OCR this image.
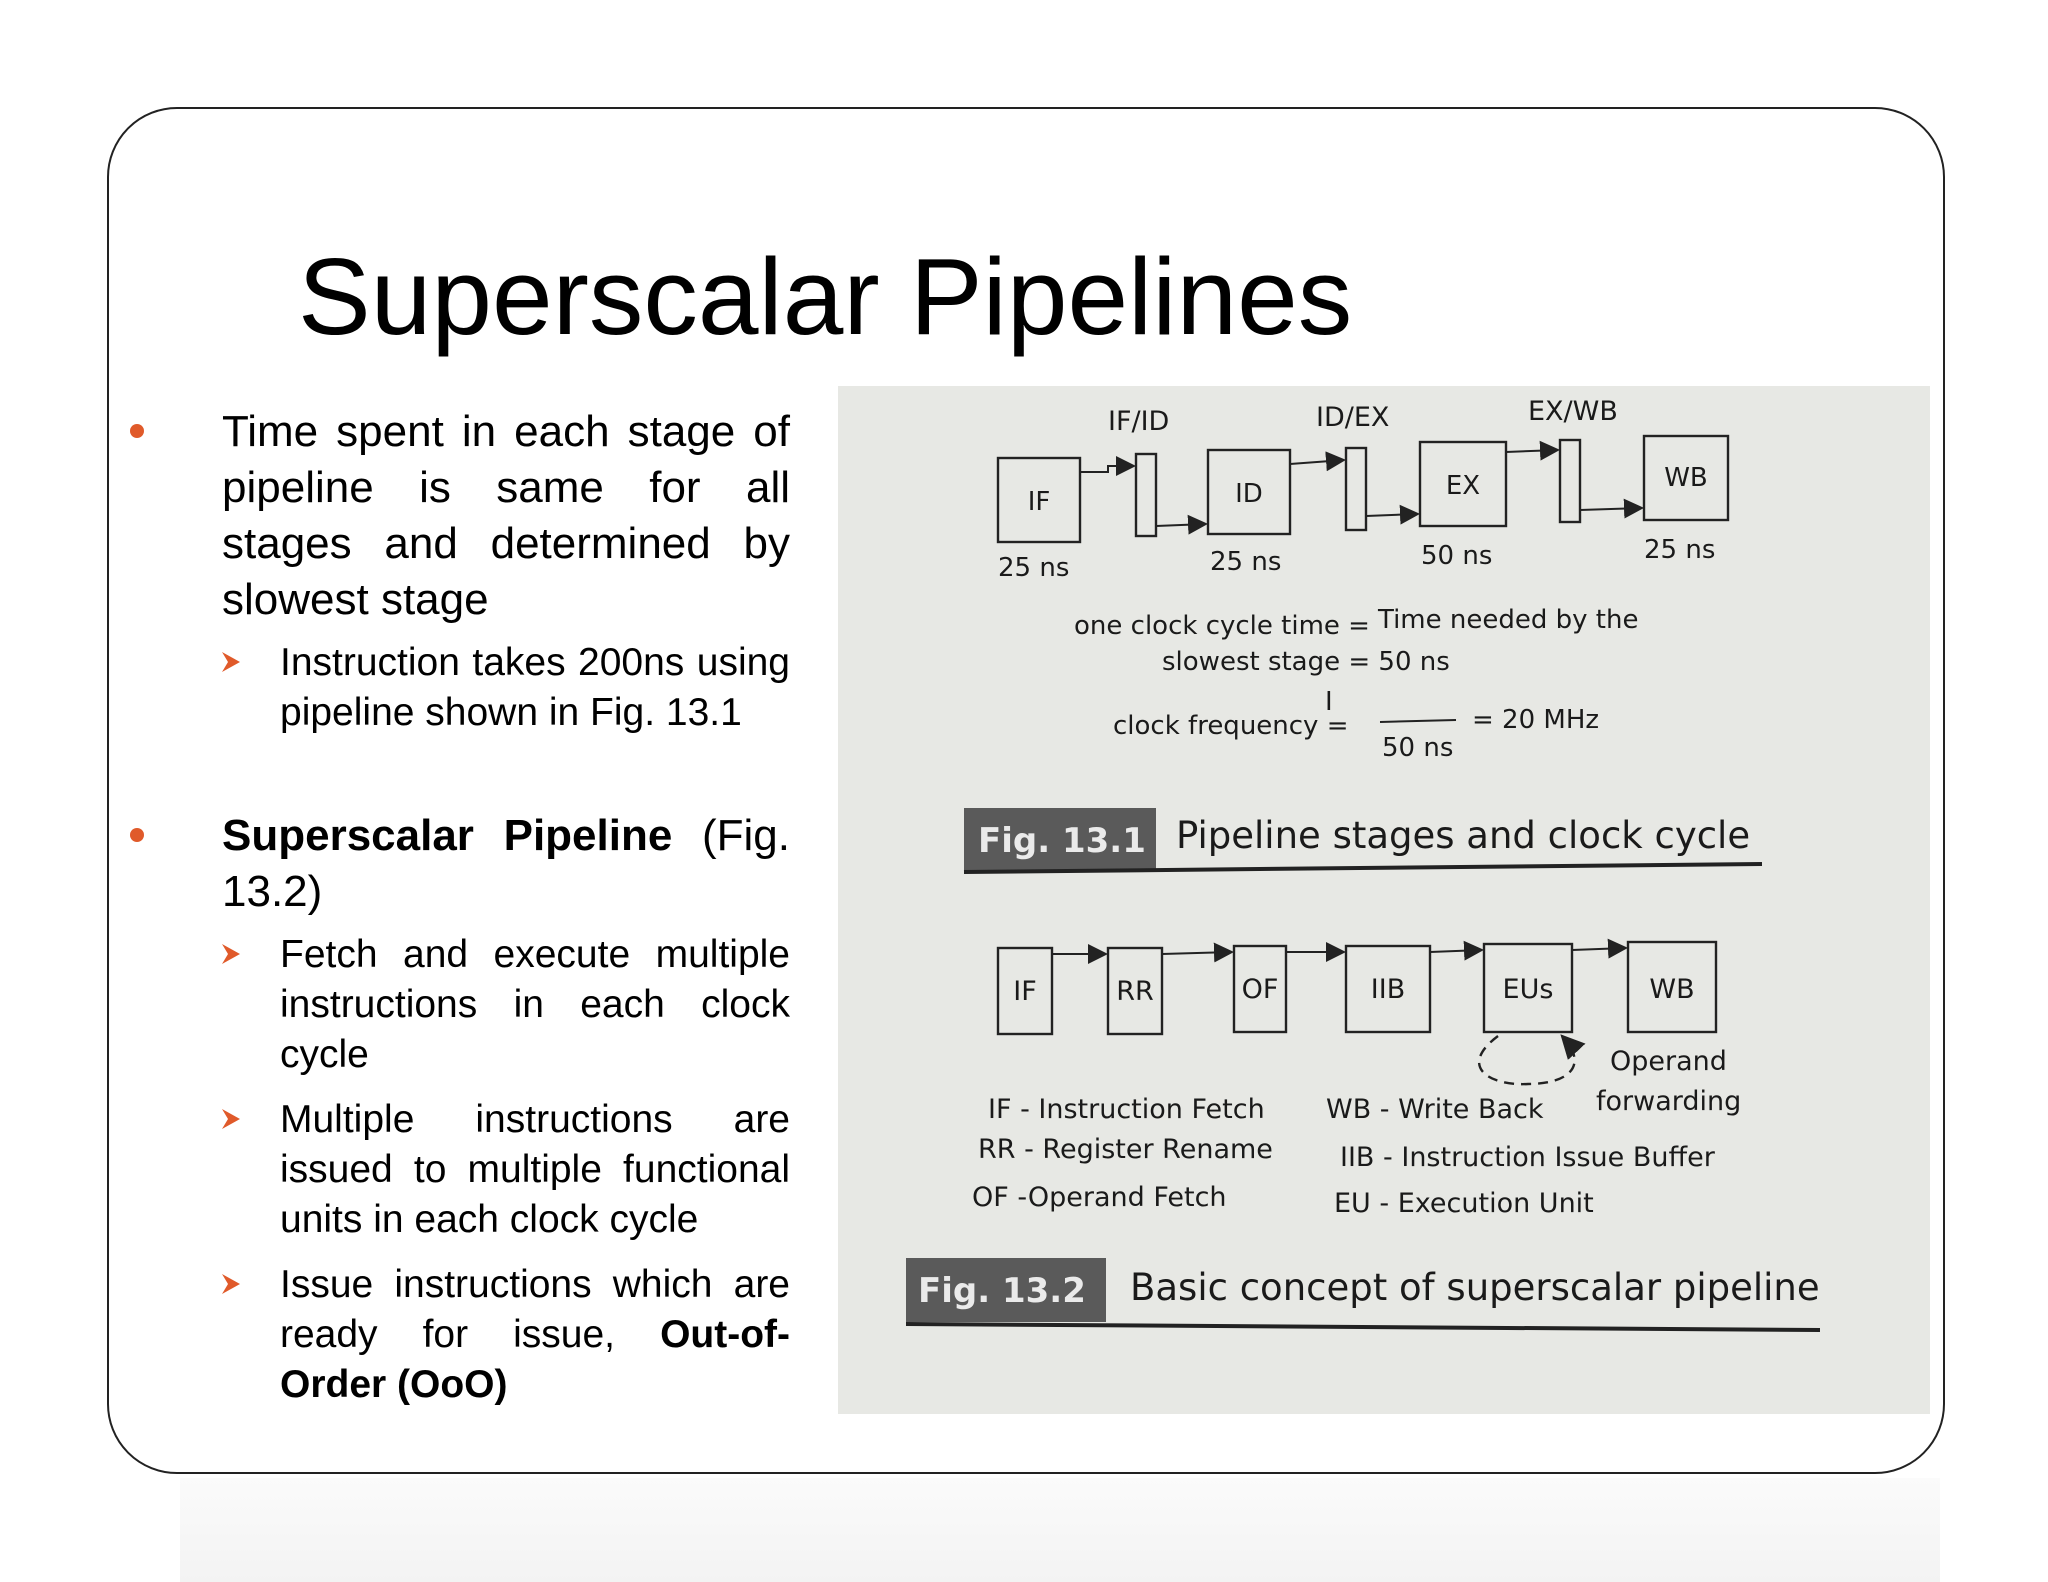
Superscalar Pipelines
Time spent in each stage of pipeline is same for all stages and determined by slowest stage
Instruction takes 200ns using pipeline shown in Fig. 13.1
Superscalar Pipeline (Fig. 13.2)
Fetch and execute multiple instructions in each clock cycle
Multiple instructions are issued to multiple functional units in each clock cycle
Issue instructions which are ready for issue, Out-of-Order (OoO)
IF/ID	ID/EX	EX/WB
IF	ID	EX	WB
25 ns	25 ns	50 ns	25 ns
one clock cycle time = Time needed by the
slowest stage = 50 ns
clock frequency =
I
50 ns
= 20 MHz
Fig. 13.1 Pipeline stages and clock cycle
IF	RR	OF	IIB	EUs	WB
Operand
forwarding
IF - Instruction Fetch
RR - Register Rename
OF -Operand Fetch
WB - Write Back
IIB - Instruction Issue Buffer
EU - Execution Unit
Fig. 13.2 Basic concept of superscalar pipeline
